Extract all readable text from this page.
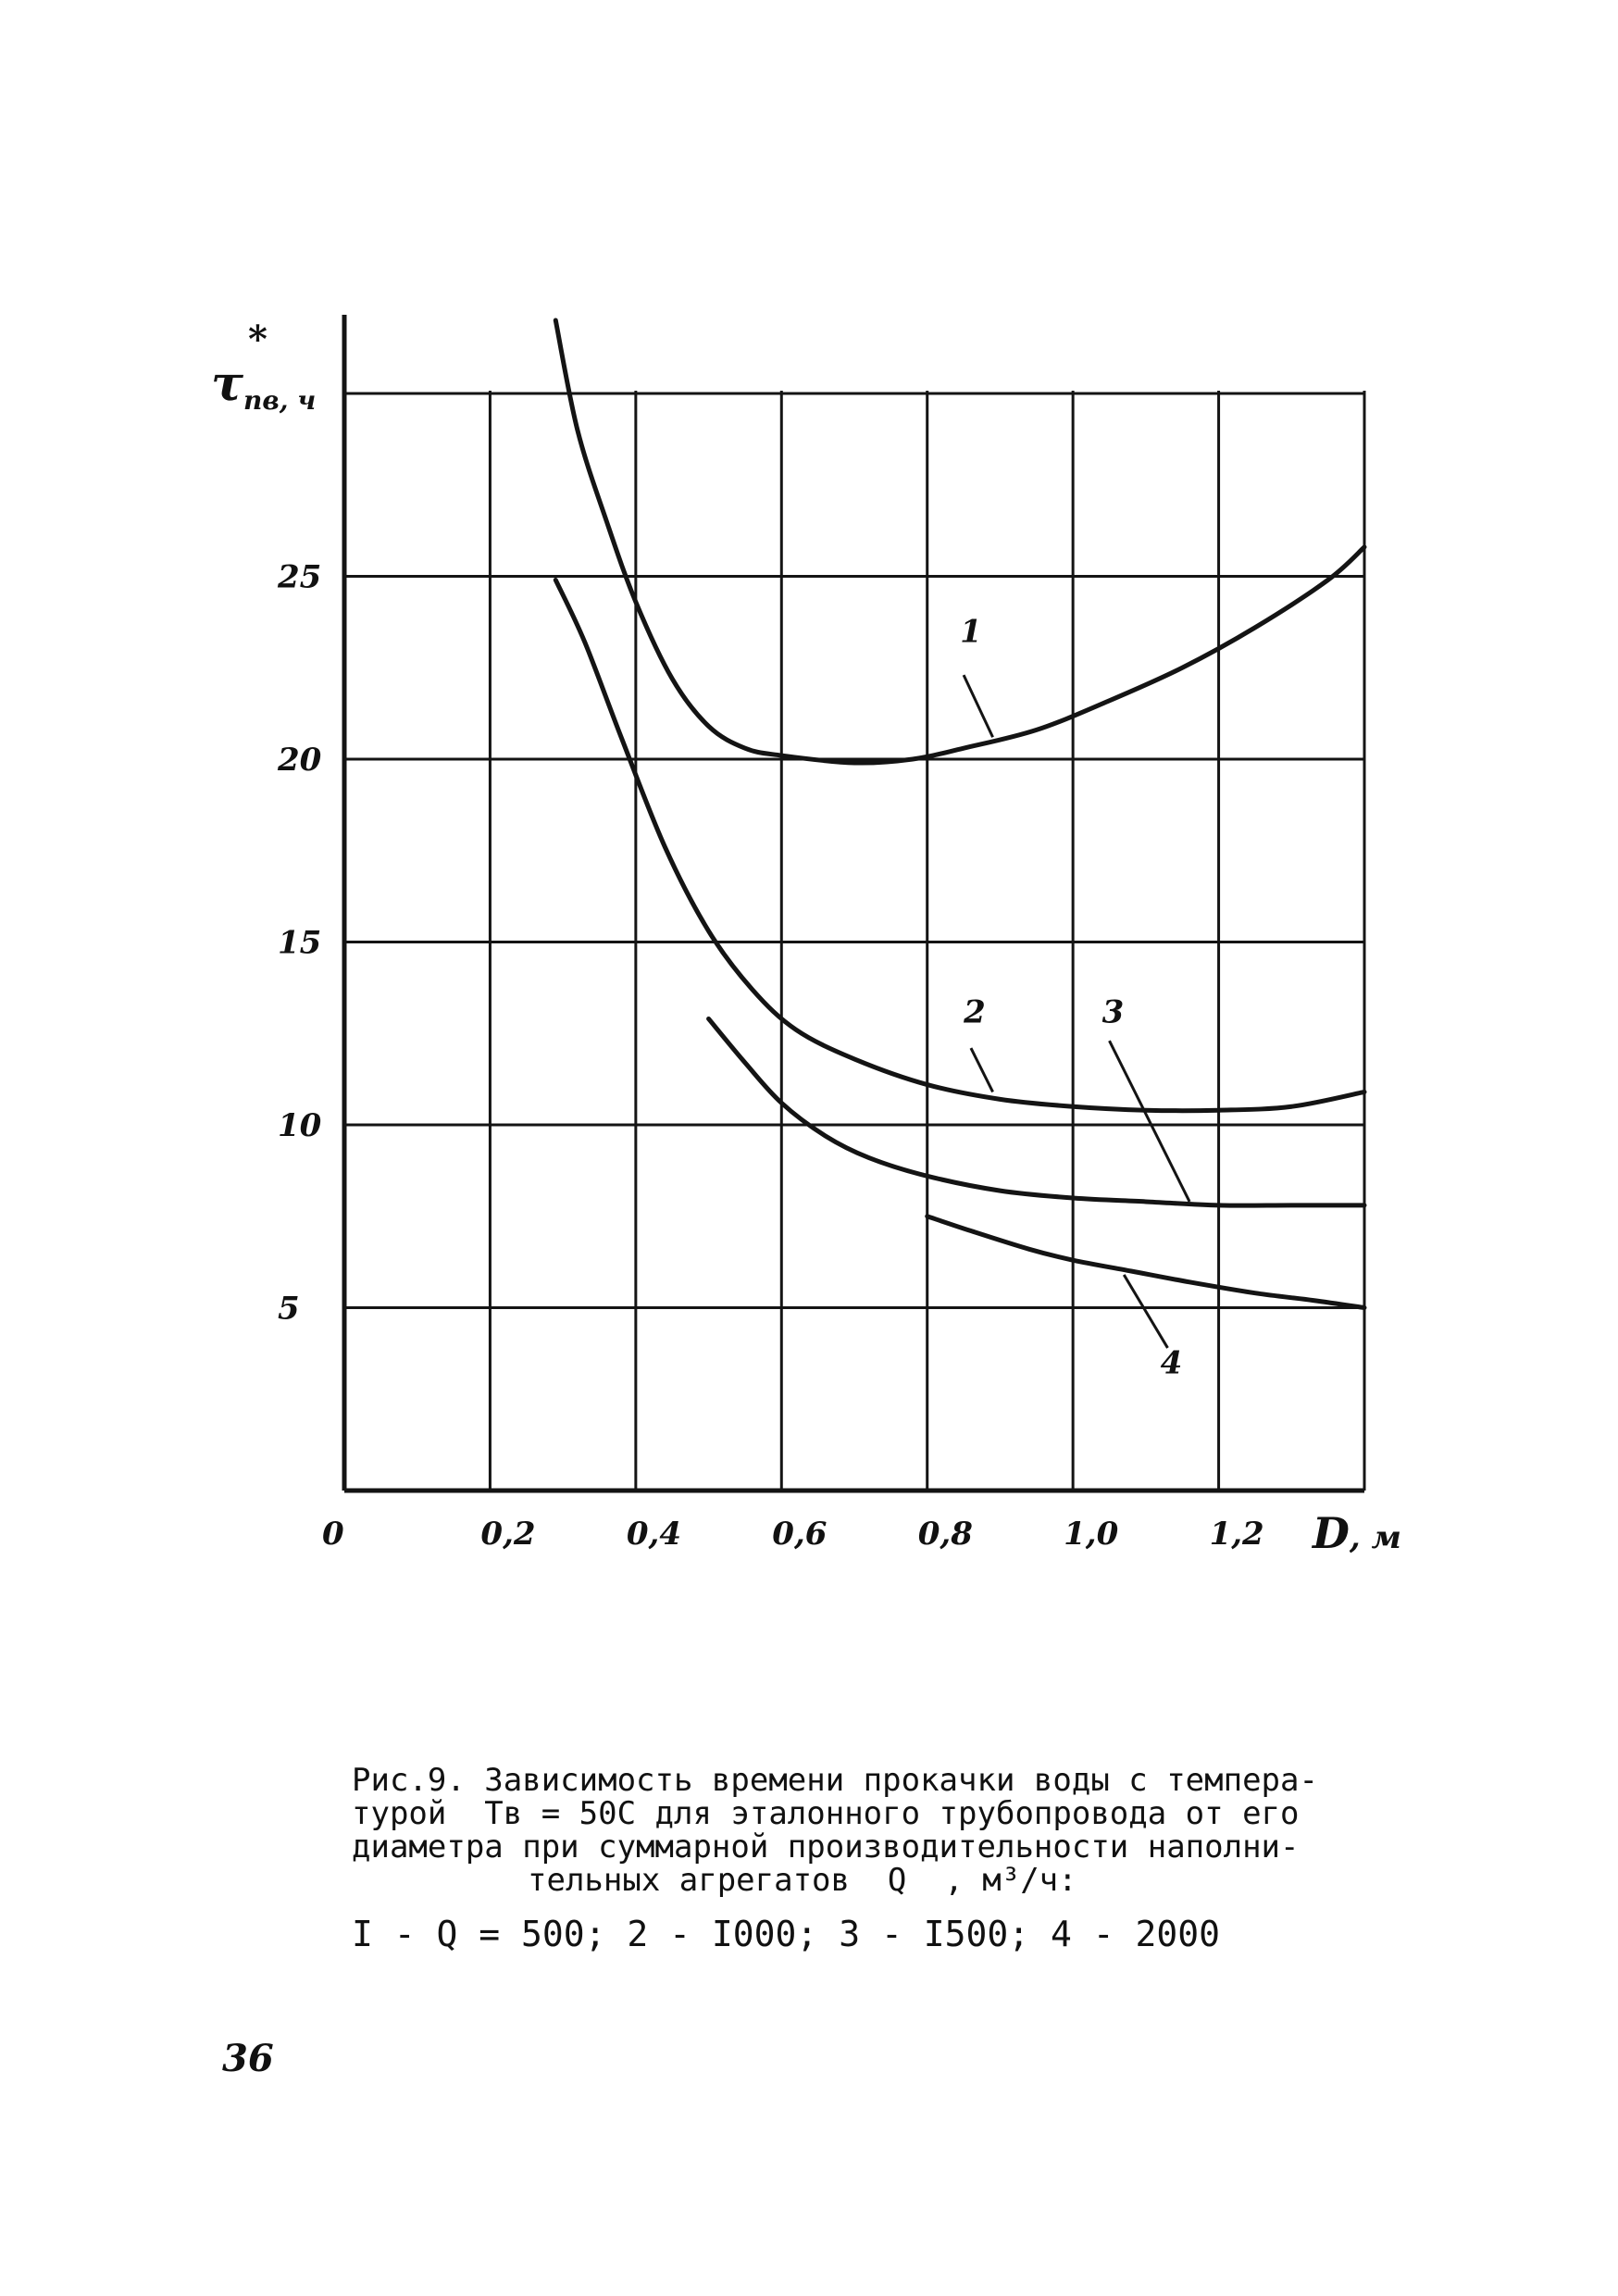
1
2	3
4
5
10
15
20
25
0	0,2	0,4	0,6	0,8	1,0	1,2
$\tau_{пв, ч}$
*
D, м
Рис.9. Зависимость времени прокачки воды с темпера-
турой  Тв = 50С для эталонного трубопровода от его
диаметра при суммарной производительности наполни-
тельных агрегатов  Q  , м³/ч:
I - Q = 500; 2 - I000; 3 - I500; 4 - 2000
36
